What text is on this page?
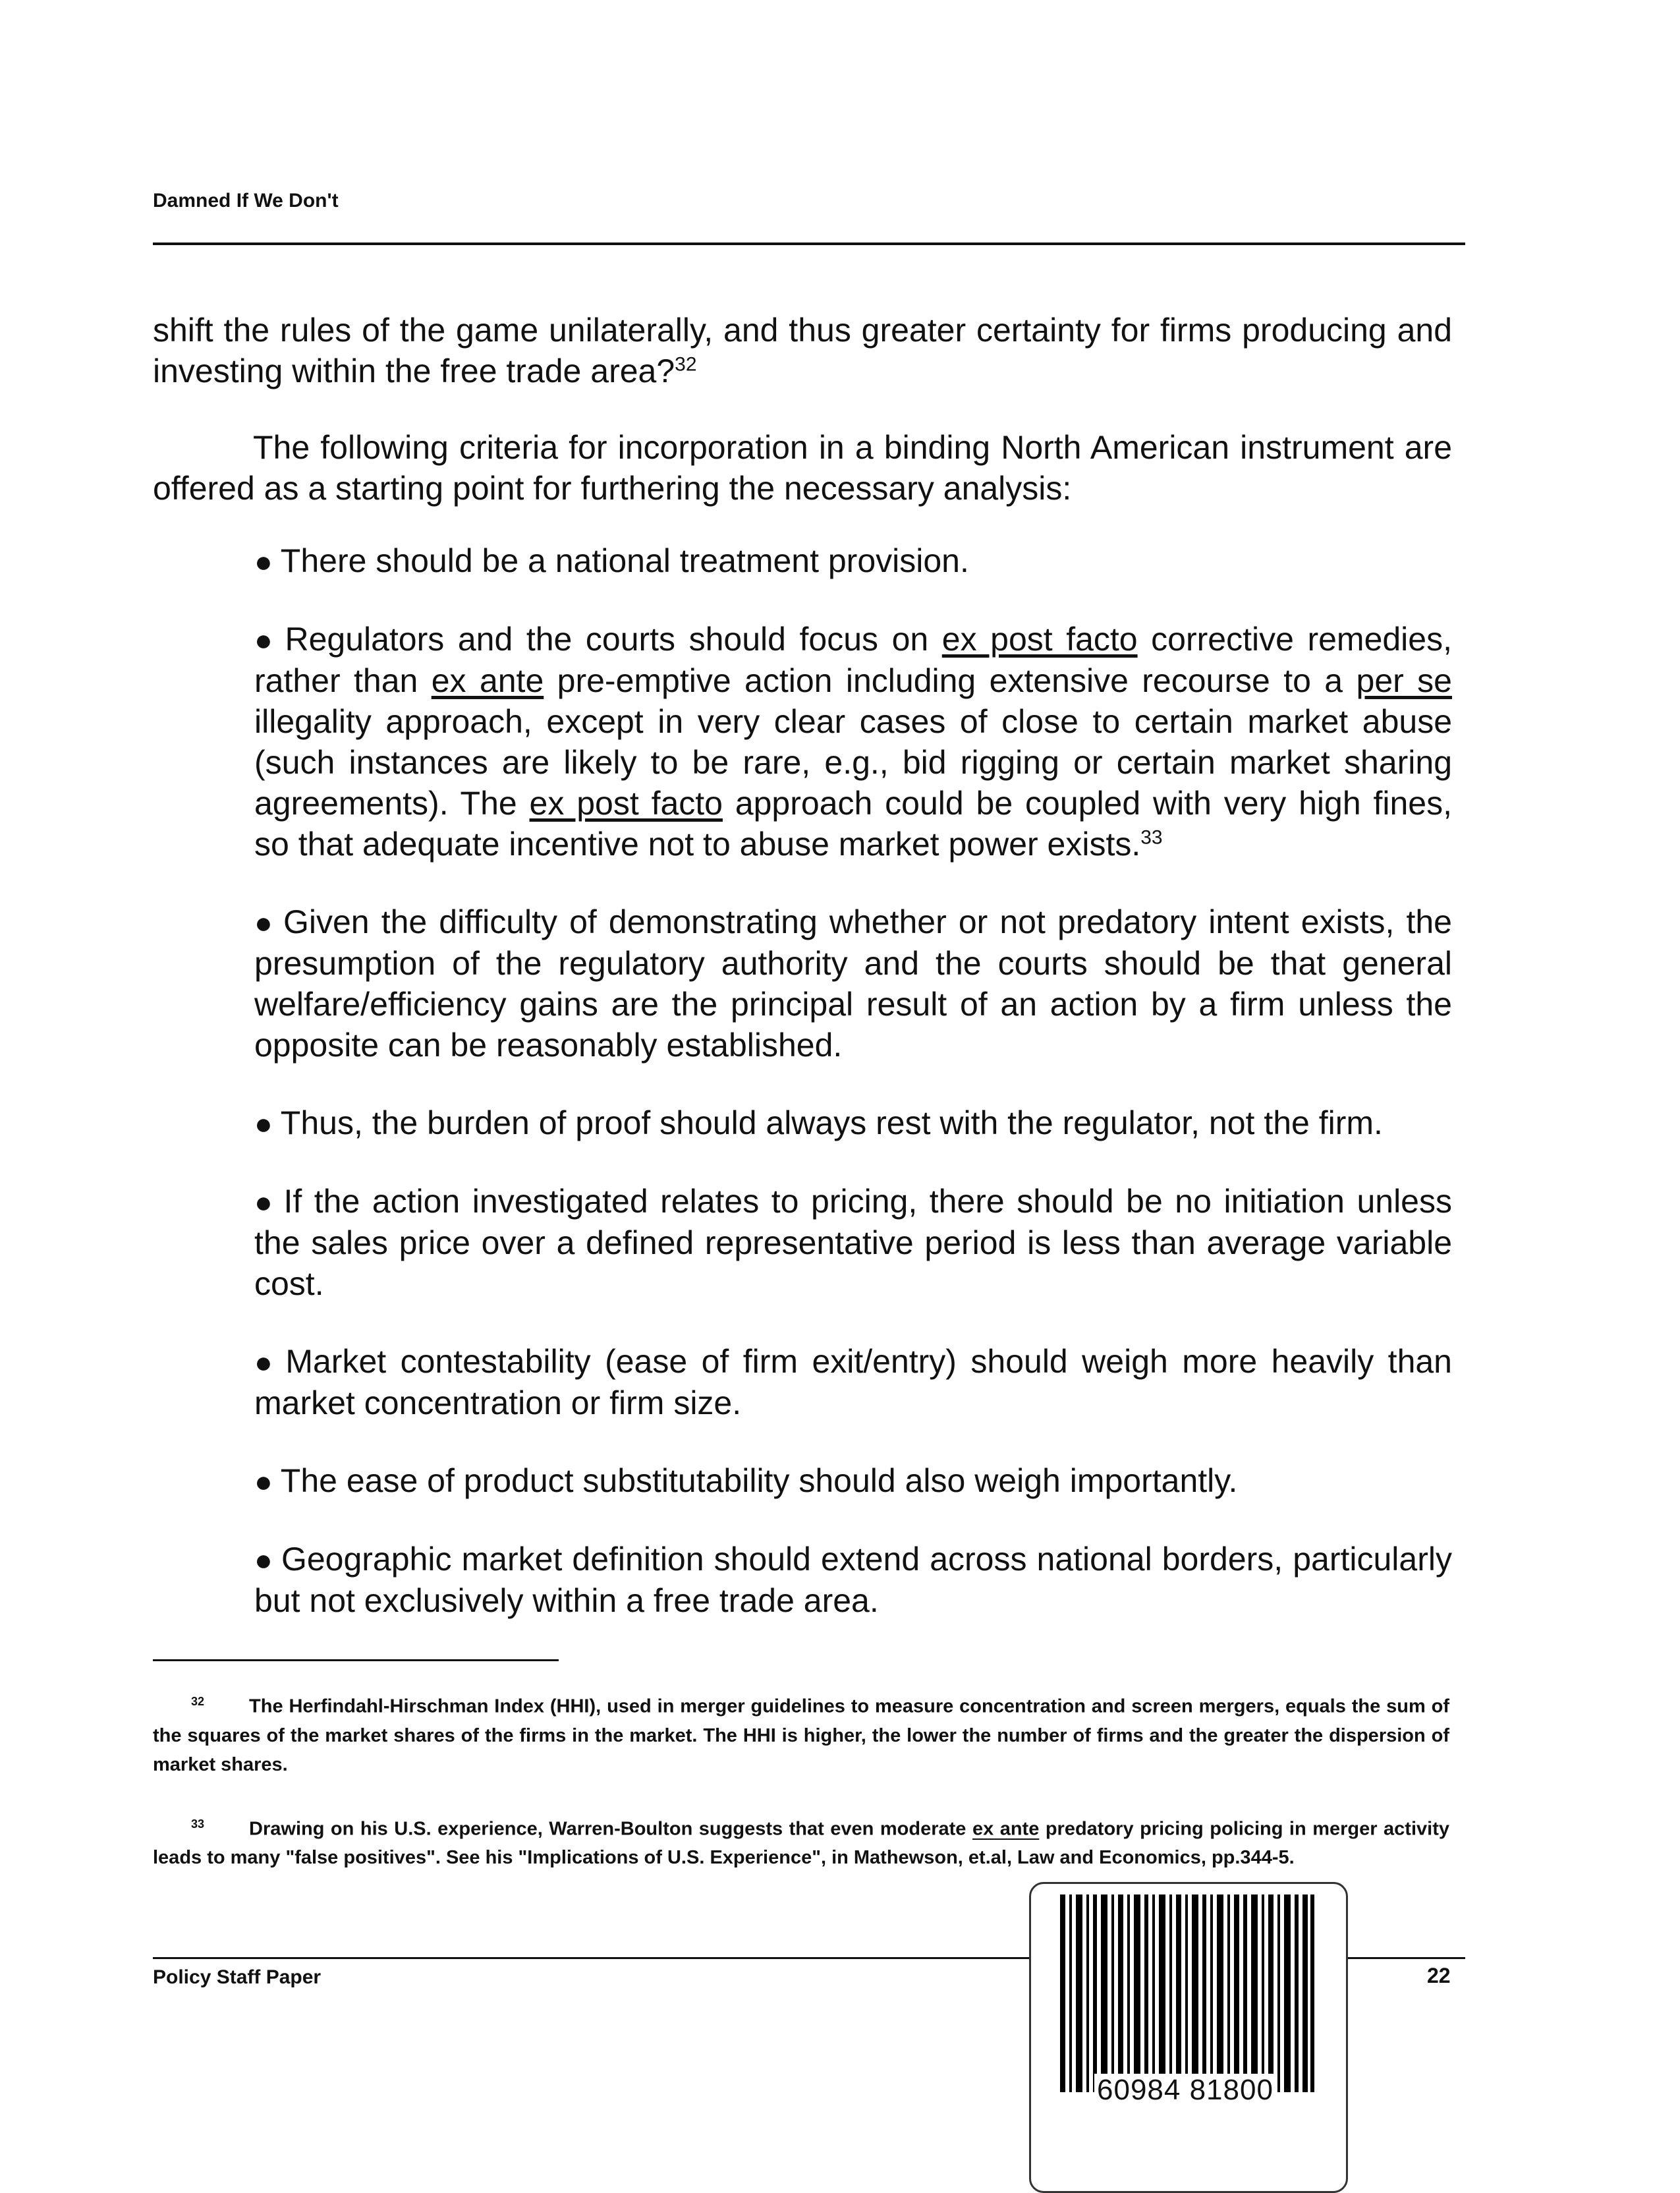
Damned If We Don't
shift the rules of the game unilaterally, and thus greater certainty for firms producing and investing within the free trade area?$^{32}$
The following criteria for incorporation in a binding North American instrument are offered as a starting point for furthering the necessary analysis:
● There should be a national treatment provision.
● Regulators and the courts should focus on ex post facto corrective remedies, rather than ex ante pre-emptive action including extensive recourse to a per se illegality approach, except in very clear cases of close to certain market abuse (such instances are likely to be rare, e.g., bid rigging or certain market sharing agreements). The ex post facto approach could be coupled with very high fines, so that adequate incentive not to abuse market power exists.$^{33}$
● Given the difficulty of demonstrating whether or not predatory intent exists, the presumption of the regulatory authority and the courts should be that general welfare/efficiency gains are the principal result of an action by a firm unless the opposite can be reasonably established.
● Thus, the burden of proof should always rest with the regulator, not the firm.
● If the action investigated relates to pricing, there should be no initiation unless the sales price over a defined representative period is less than average variable cost.
● Market contestability (ease of firm exit/entry) should weigh more heavily than market concentration or firm size.
● The ease of product substitutability should also weigh importantly.
● Geographic market definition should extend across national borders, particularly but not exclusively within a free trade area.
$^{32}$ The Herfindahl-Hirschman Index (HHI), used in merger guidelines to measure concentration and screen mergers, equals the sum of the squares of the market shares of the firms in the market. The HHI is higher, the lower the number of firms and the greater the dispersion of market shares.
$^{33}$ Drawing on his U.S. experience, Warren-Boulton suggests that even moderate ex ante predatory pricing policing in merger activity leads to many "false positives". See his "Implications of U.S. Experience", in Mathewson, et.al, Law and Economics, pp.344-5.
Policy Staff Paper	22
60984 81800
